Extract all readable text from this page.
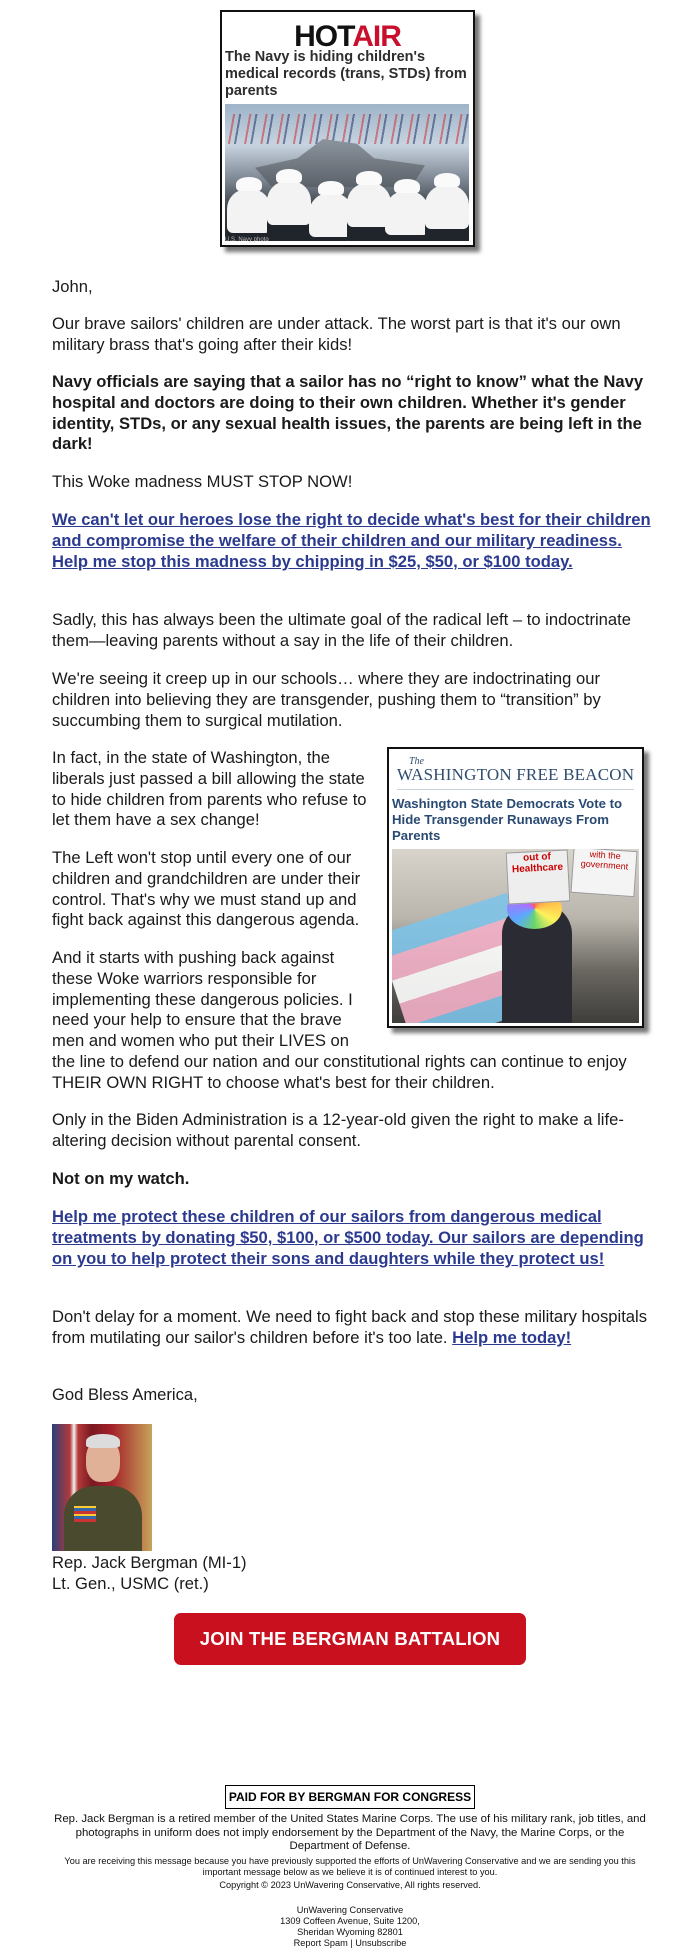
HOTAIR
The Navy is hiding children's medical records (trans, STDs) from parents
U.S. Navy photo

John,

Our brave sailors' children are under attack. The worst part is that it's our own military brass that's going after their kids!

Navy officials are saying that a sailor has no “right to know” what the Navy hospital and doctors are doing to their own children. Whether it's gender identity, STDs, or any sexual health issues, the parents are being left in the dark!

This Woke madness MUST STOP NOW!

We can't let our heroes lose the right to decide what's best for their children and compromise the welfare of their children and our military readiness. Help me stop this madness by chipping in $25, $50, or $100 today.

Sadly, this has always been the ultimate goal of the radical left – to indoctrinate them—leaving parents without a say in the life of their children.

We're seeing it creep up in our schools… where they are indoctrinating our children into believing they are transgender, pushing them to “transition” by succumbing them to surgical mutilation.

In fact, in the state of Washington, the liberals just passed a bill allowing the state to hide children from parents who refuse to let them have a sex change!

The Left won't stop until every one of our children and grandchildren are under their control. That's why we must stand up and fight back against this dangerous agenda.

And it starts with pushing back against these Woke warriors responsible for implementing these dangerous policies. I need your help to ensure that the brave men and women who put their LIVES on

the line to defend our nation and our constitutional rights can continue to enjoy THEIR OWN RIGHT to choose what's best for their children.

Only in the Biden Administration is a 12-year-old given the right to make a life-altering decision without parental consent.

Not on my watch.

Help me protect these children of our sailors from dangerous medical treatments by donating $50, $100, or $500 today. Our sailors are depending on you to help protect their sons and daughters while they protect us!

Don't delay for a moment. We need to fight back and stop these military hospitals from mutilating our sailor's children before it's too late. Help me today!

God Bless America,

The
WASHINGTON FREE BEACON
Washington State Democrats Vote to Hide Transgender Runaways From Parents
out of Healthcare
with the government

Rep. Jack Bergman (MI-1)

Lt. Gen., USMC (ret.)

JOIN THE BERGMAN BATTALION
PAID FOR BY BERGMAN FOR CONGRESS

Rep. Jack Bergman is a retired member of the United States Marine Corps. The use of his military rank, job titles, and photographs in uniform does not imply endorsement by the Department of the Navy, the Marine Corps, or the Department of Defense.

You are receiving this message because you have previously supported the efforts of UnWavering Conservative and we are sending you this important message below as we believe it is of continued interest to you.

Copyright © 2023 UnWavering Conservative, All rights reserved.

UnWavering Conservative

1309 Coffeen Avenue, Suite 1200,

Sheridan Wyoming 82801

Report Spam | Unsubscribe
